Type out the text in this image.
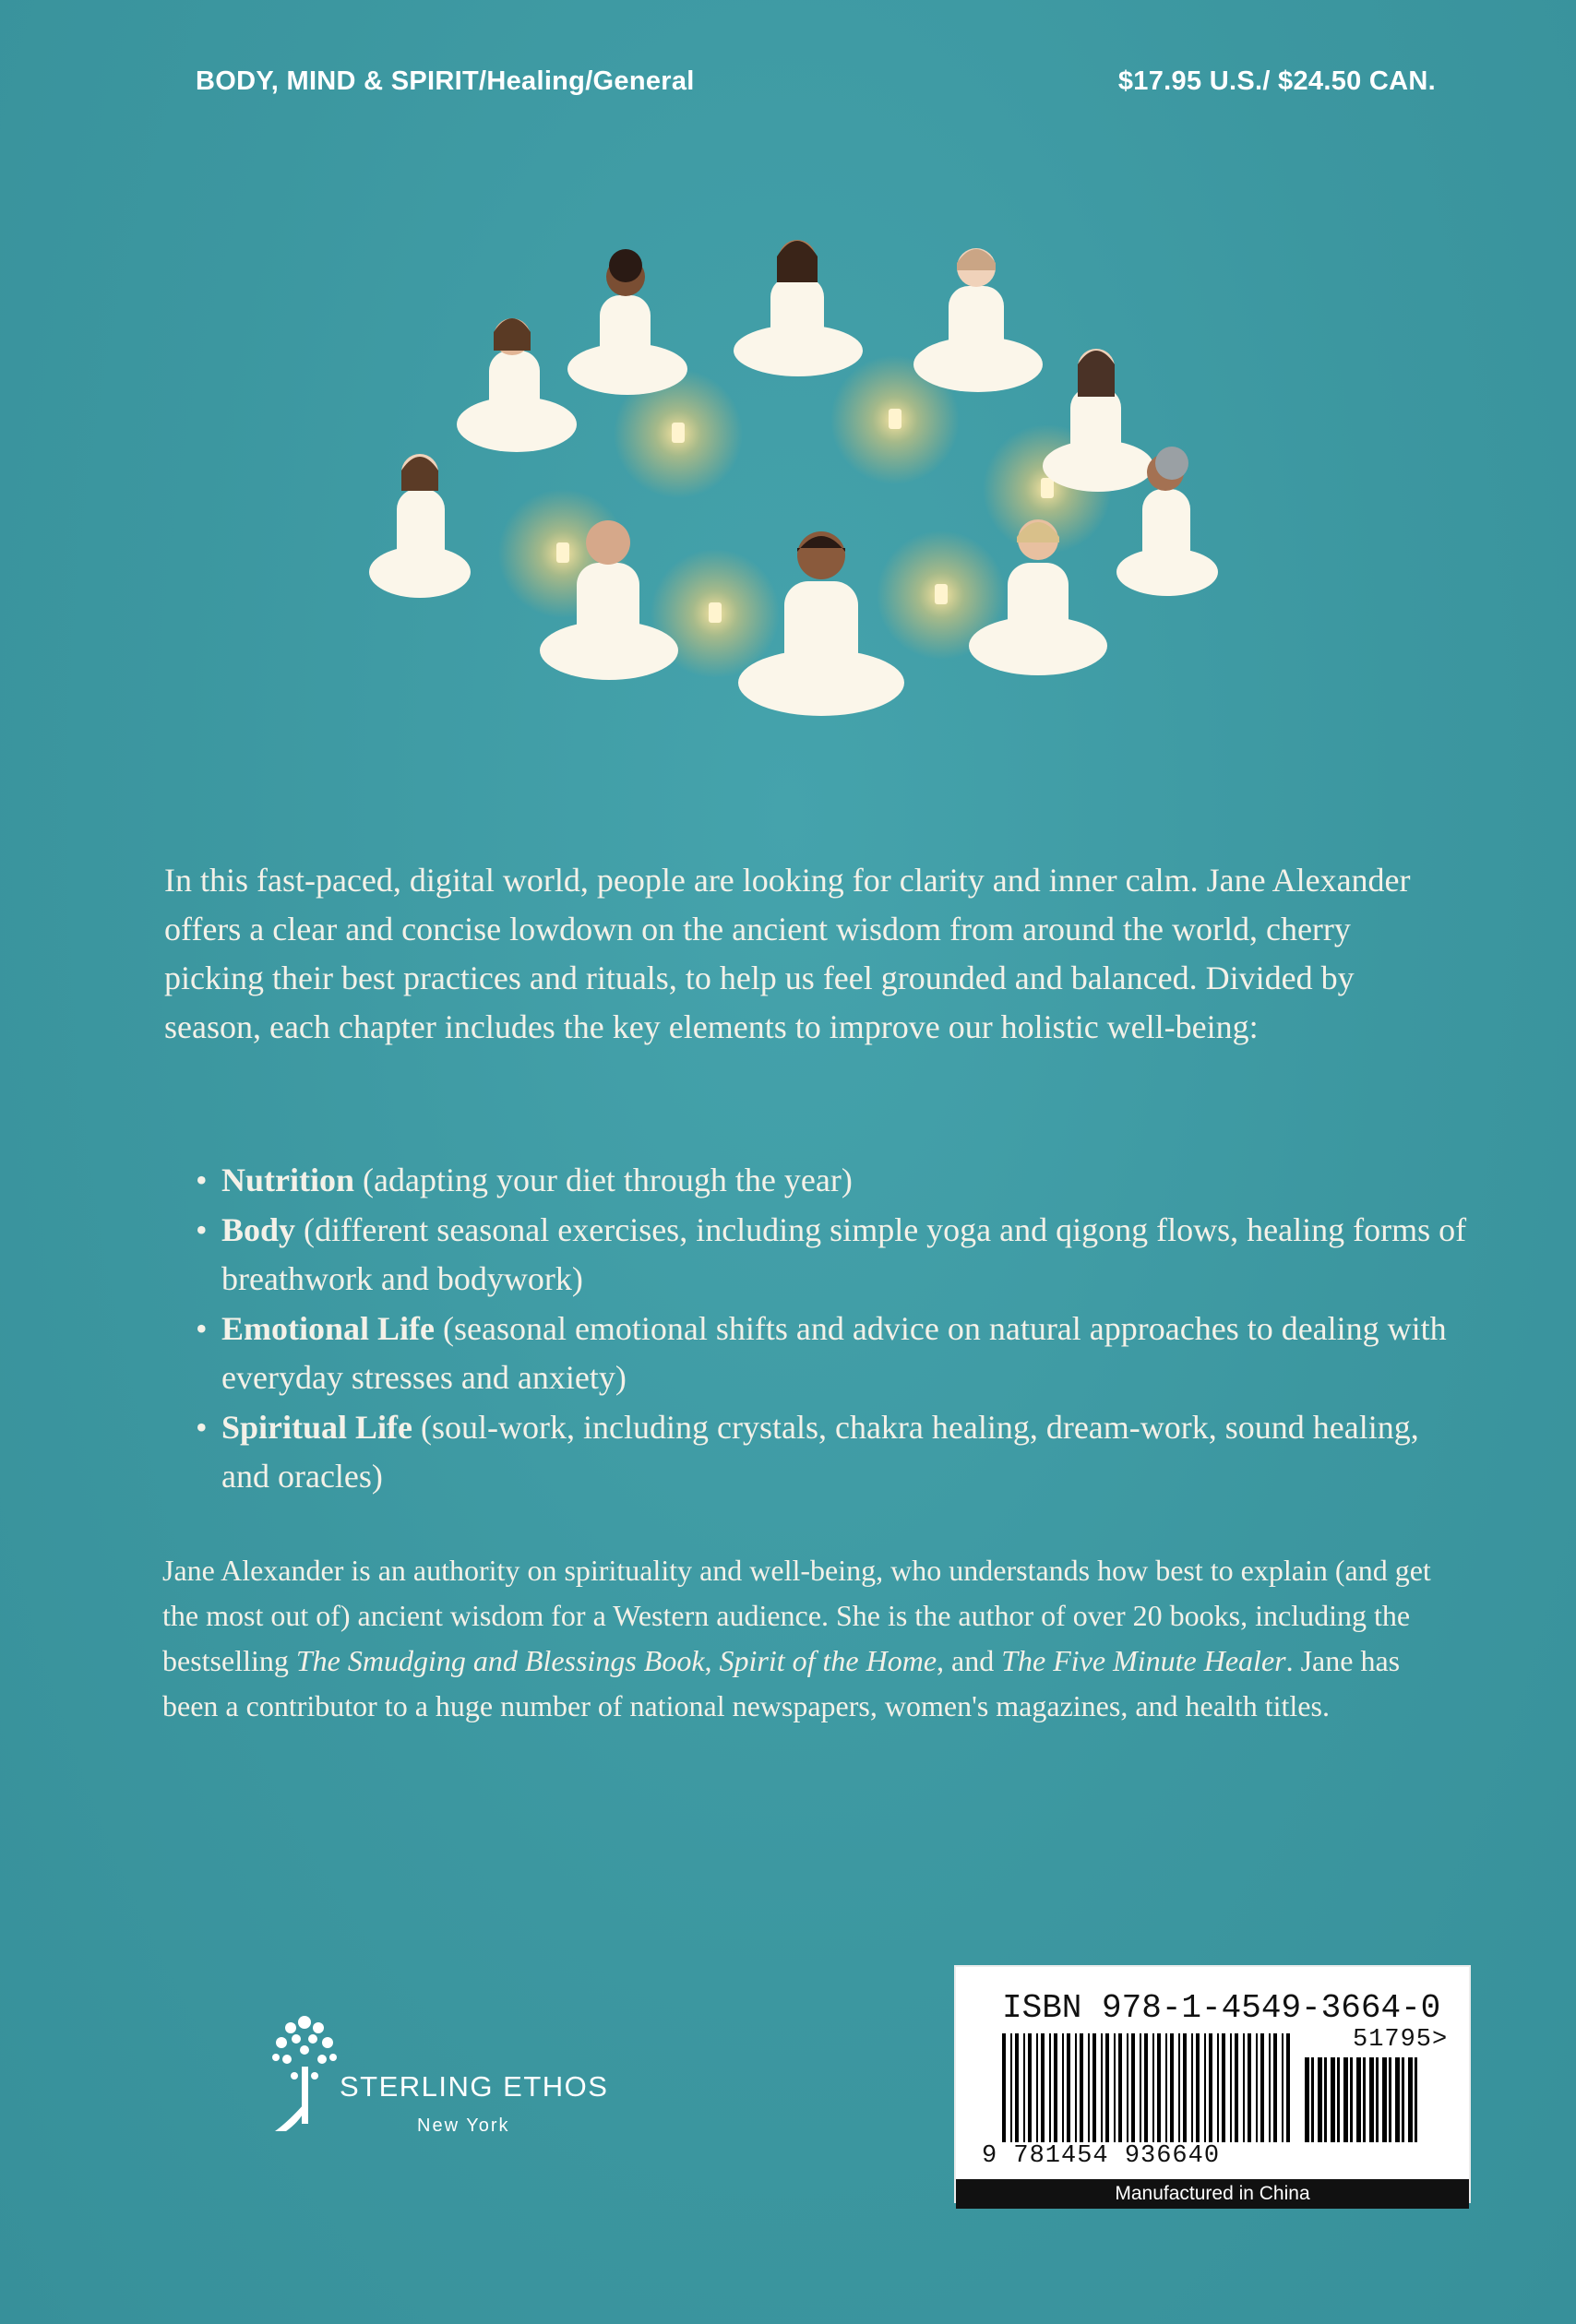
BODY, MIND & SPIRIT/Healing/General	$17.95 U.S./ $24.50 CAN.
In this fast-paced, digital world, people are looking for clarity and inner calm. Jane Alexander offers a clear and concise lowdown on the ancient wisdom from around the world, cherry picking their best practices and rituals, to help us feel grounded and balanced. Divided by season, each chapter includes the key elements to improve our holistic well-being:
• Nutrition (adapting your diet through the year)
• Body (different seasonal exercises, including simple yoga and qigong flows, healing forms of breathwork and bodywork)
• Emotional Life (seasonal emotional shifts and advice on natural approaches to dealing with everyday stresses and anxiety)
• Spiritual Life (soul-work, including crystals, chakra healing, dream-work, sound healing, and oracles)
Jane Alexander is an authority on spirituality and well-being, who understands how best to explain (and get the most out of) ancient wisdom for a Western audience. She is the author of over 20 books, including the bestselling The Smudging and Blessings Book, Spirit of the Home, and The Five Minute Healer. Jane has been a contributor to a huge number of national newspapers, women's magazines, and health titles.
STERLING ETHOS
New York
ISBN 978-1-4549-3664-0
51795>
9 781454 936640
Manufactured in China
